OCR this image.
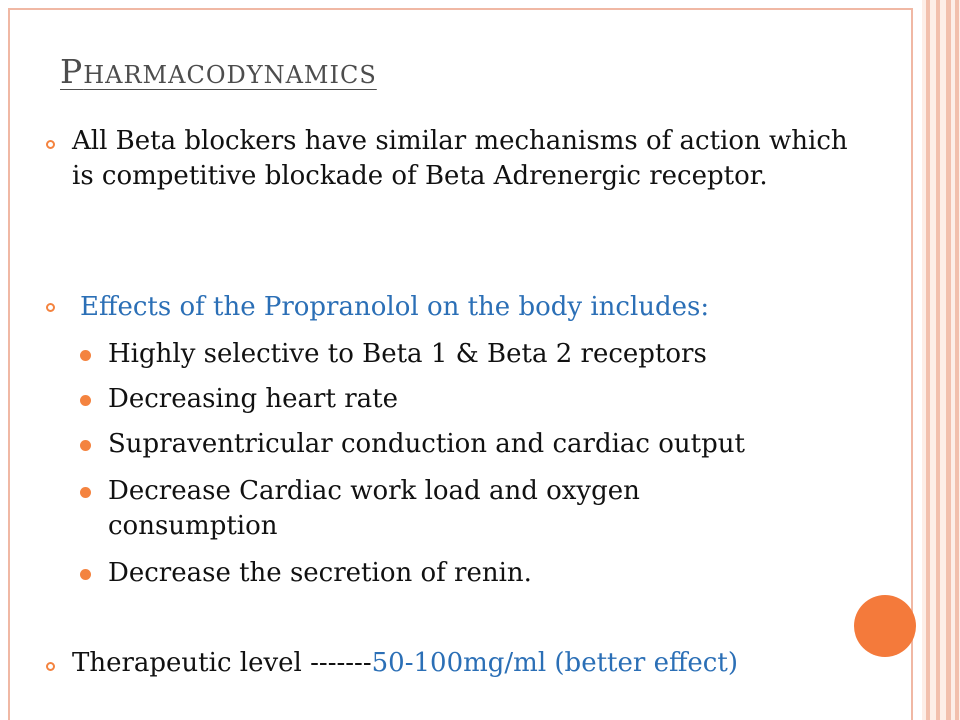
PHARMACODYNAMICS
All Beta blockers have similar mechanisms of action which is competitive blockade of Beta Adrenergic receptor.
Effects of the Propranolol on the body includes:
Highly selective to Beta 1 & Beta 2 receptors
Decreasing heart rate
Supraventricular conduction and cardiac output
Decrease Cardiac work load and oxygen consumption
Decrease the secretion of renin.
Therapeutic level -------50-100mg/ml (better effect)
